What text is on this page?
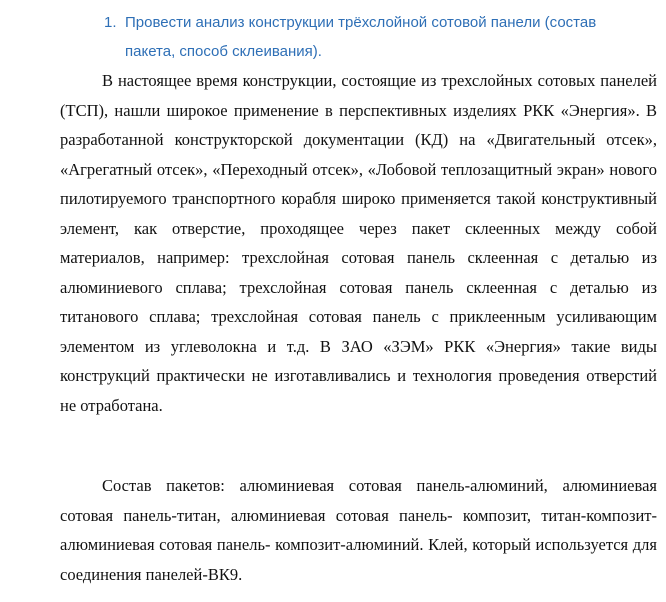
1. Провести анализ конструкции трёхслойной сотовой панели (состав пакета, способ склеивания).

В настоящее время конструкции, состоящие из трехслойных сотовых панелей (ТСП), нашли широкое применение в перспективных изделиях РКК «Энергия». В разработанной конструкторской документации (КД) на «Двигательный отсек», «Агрегатный отсек», «Переходный отсек», «Лобовой теплозащитный экран» нового пилотируемого транспортного корабля широко применяется такой конструктивный элемент, как отверстие, проходящее через пакет склеенных между собой материалов, например: трехслойная сотовая панель склеенная с деталью из алюминиевого сплава; трехслойная сотовая панель склеенная с деталью из титанового сплава; трехслойная сотовая панель с приклеенным усиливающим элементом из углеволокна и т.д. В ЗАО «ЗЭМ» РКК «Энергия» такие виды конструкций практически не изготавливались и технология проведения отверстий не отработана.

Состав пакетов: алюминиевая сотовая панель-алюминий, алюминиевая сотовая панель-титан, алюминиевая сотовая панель- композит, титан-композит-алюминиевая сотовая панель- композит-алюминий. Клей, который используется для соединения панелей-ВК9.
